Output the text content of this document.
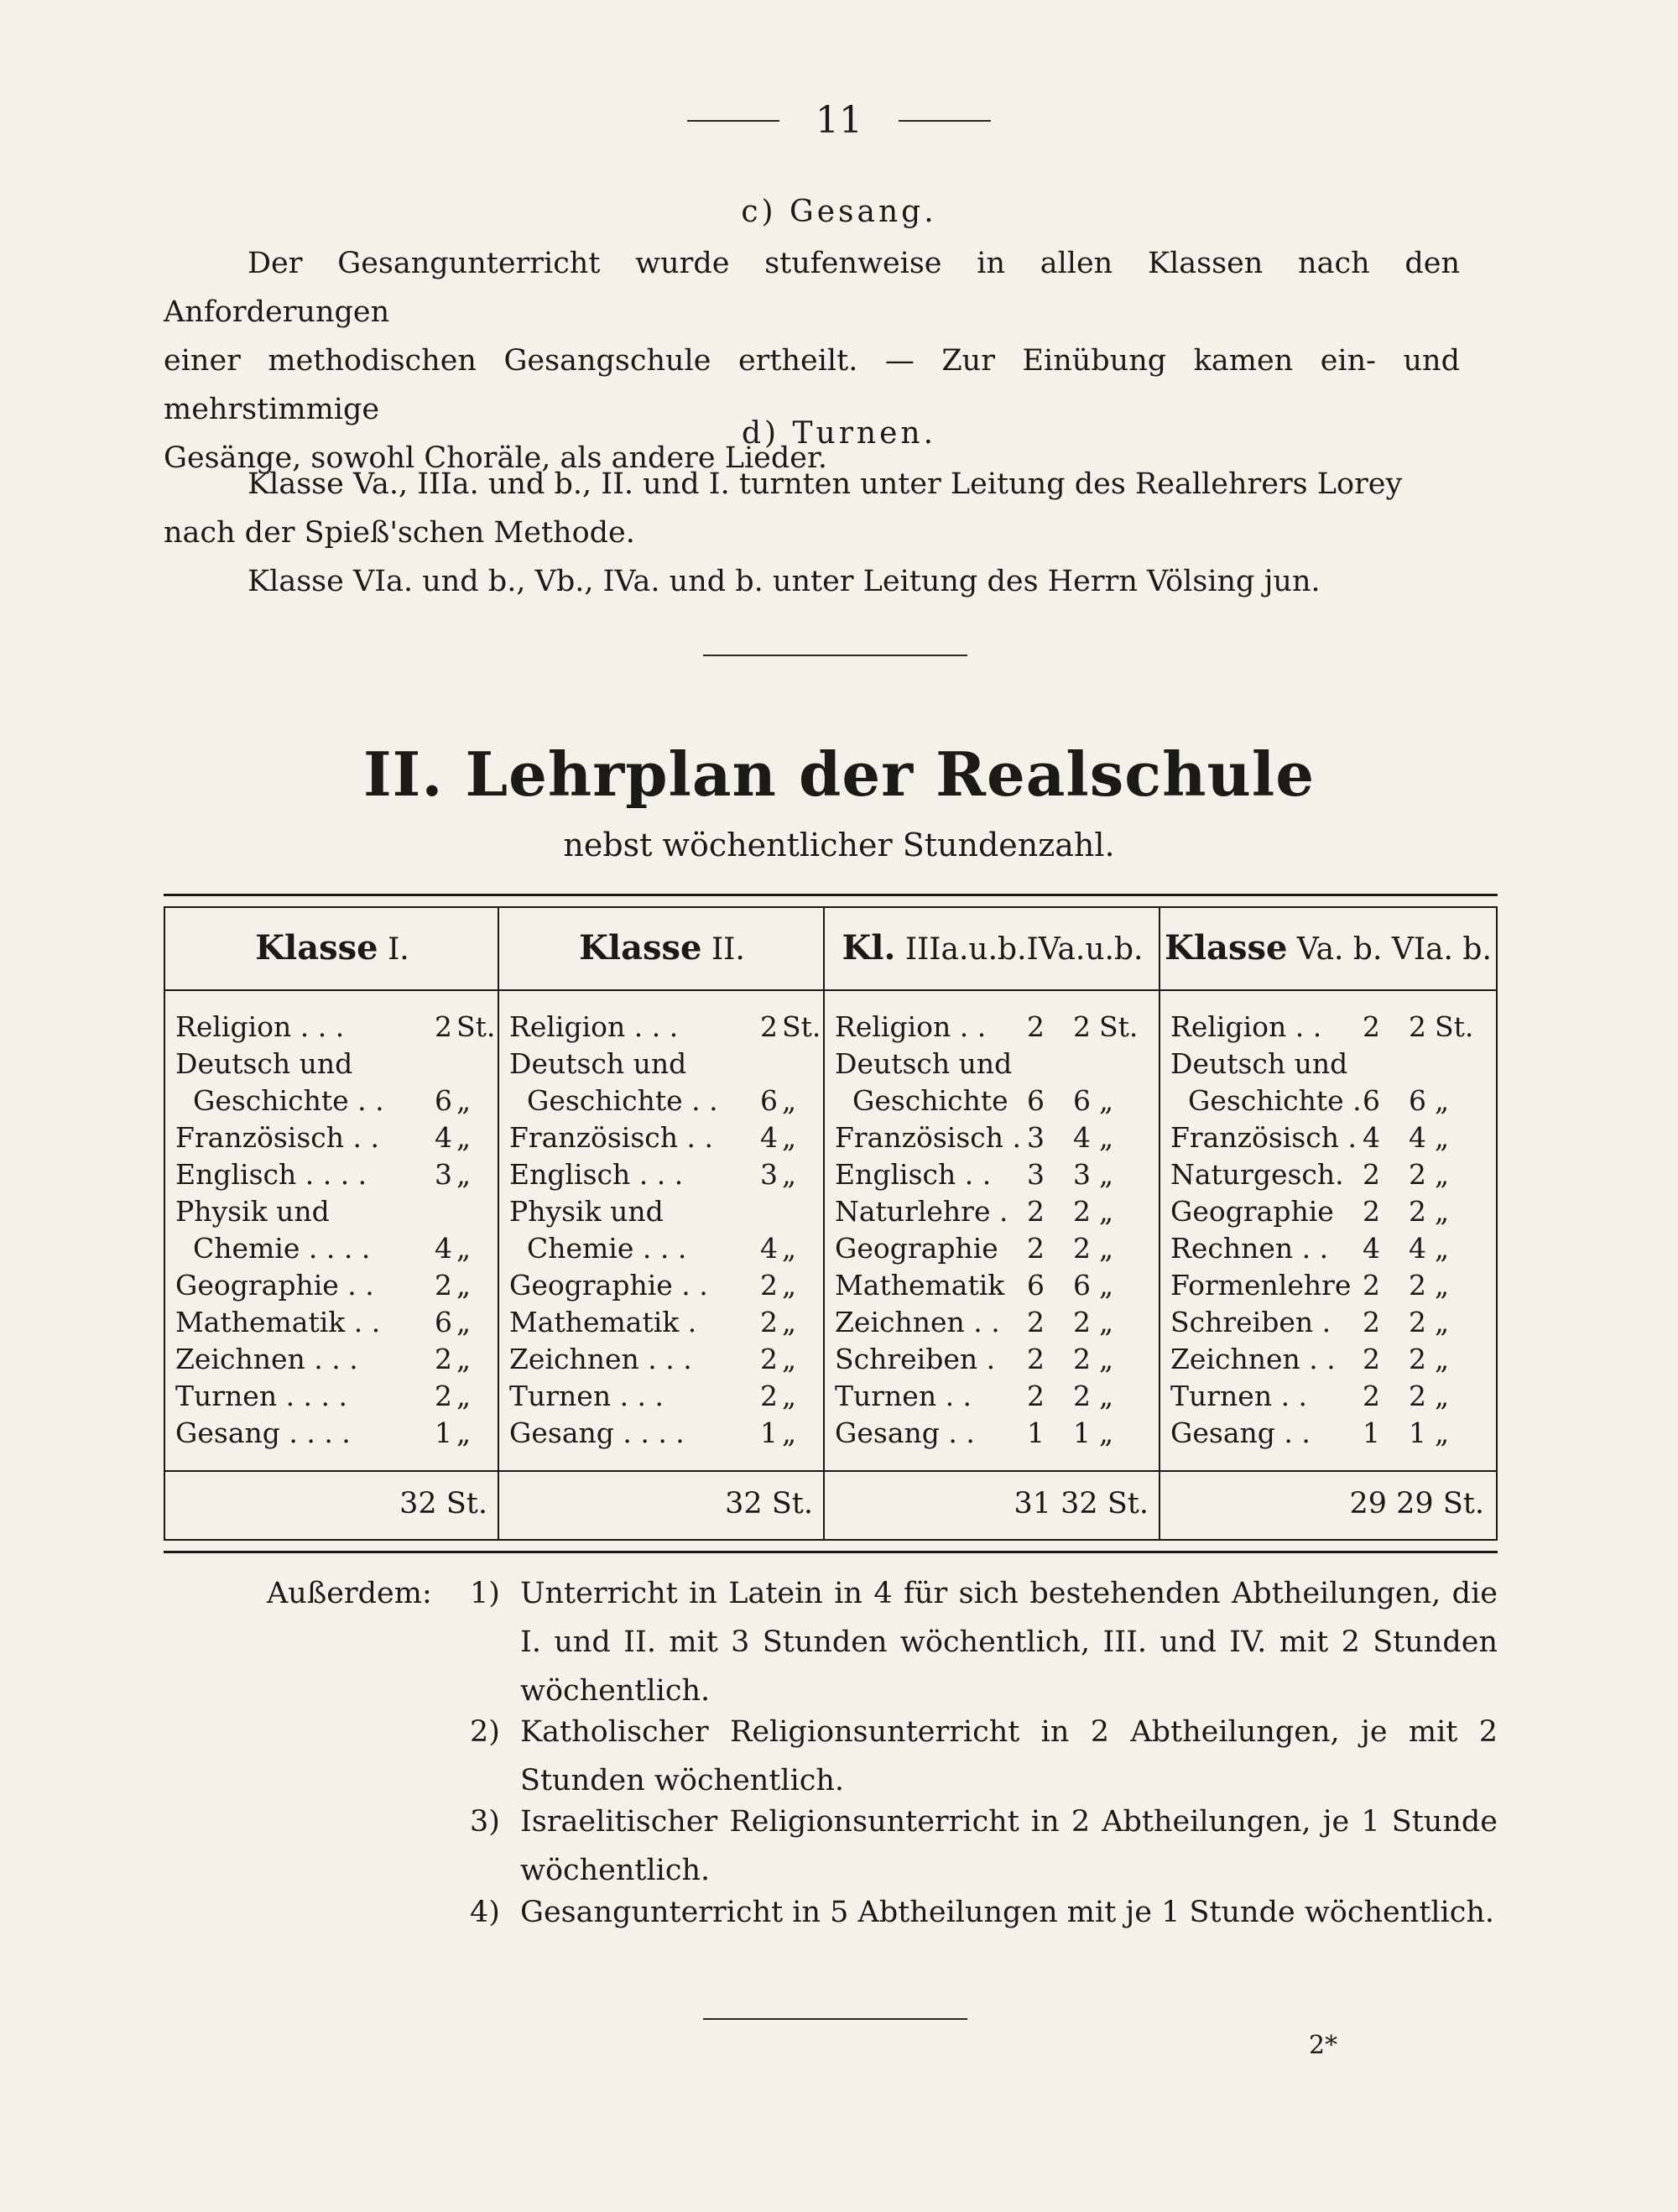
11
c) Gesang.

Der Gesangunterricht wurde stufenweise in allen Klassen nach den Anforderungen

einer methodischen Gesangschule ertheilt. — Zur Einübung kamen ein- und mehrstimmige

Gesänge, sowohl Choräle, als andere Lieder.

d) Turnen.

Klasse Va., IIIa. und b., II. und I. turnten unter Leitung des Reallehrers Lorey

nach der Spieß'schen Methode.

Klasse VIa. und b., Vb., IVa. und b. unter Leitung des Herrn Völsing jun.

II. Lehrplan der Realschule
nebst wöchentlicher Stundenzahl.
Klasse I.
Religion . . .	2 St.
Deutsch und
Geschichte . . 6 „
Französisch . . 4 „
Englisch . . . . 3 „
Physik und
Chemie . . . . 4 „
Geographie . . 2 „
Mathematik . . 6 „
Zeichnen . . .	2 „
Turnen . . . .	2 „
Gesang . . . .	1 „
32 St.
Klasse II.
Religion . . .	2 St.
Deutsch und
Geschichte . . 6 „
Französisch . . 4 „
Englisch . . .	3 „
Physik und
Chemie . . .	4 „
Geographie . . 2 „
Mathematik . 2 „
Zeichnen . . . 2 „
Turnen . . .	2 „
Gesang . . . .	1 „
32 St.
Kl. IIIa.u.b.IVa.u.b.
Religion . . 2 2 St.
Deutsch und
Geschichte 6 6 „
Französisch . 3 4 „
Englisch . . 3 3 „
Naturlehre . 2 2 „
Geographie 2 2 „
Mathematik 6 6 „
Zeichnen . . 2 2 „
Schreiben . 2 2 „
Turnen . . 2 2 „
Gesang . . 1 1 „
31 32 St.
Klasse Va. b. VIa. b.
Religion . . 2 2 St.
Deutsch und
Geschichte . 6 6 „
Französisch . 4 4 „
Naturgesch. 2 2 „
Geographie 2 2 „
Rechnen . . 4 4 „
Formenlehre 2 2 „
Schreiben . 2 2 „
Zeichnen . . 2 2 „
Turnen . . 2 2 „
Gesang . . 1 1 „
29 29 St.
Außerdem: 1) Unterricht in Latein in 4 für sich bestehenden Abtheilungen, die I. und II. mit 3 Stunden wöchentlich, III. und IV. mit 2 Stunden wöchentlich.
2) Katholischer Religionsunterricht in 2 Abtheilungen, je mit 2 Stunden wöchentlich.
3) Israelitischer Religionsunterricht in 2 Abtheilungen, je 1 Stunde wöchentlich.
4) Gesangunterricht in 5 Abtheilungen mit je 1 Stunde wöchentlich.
2*
